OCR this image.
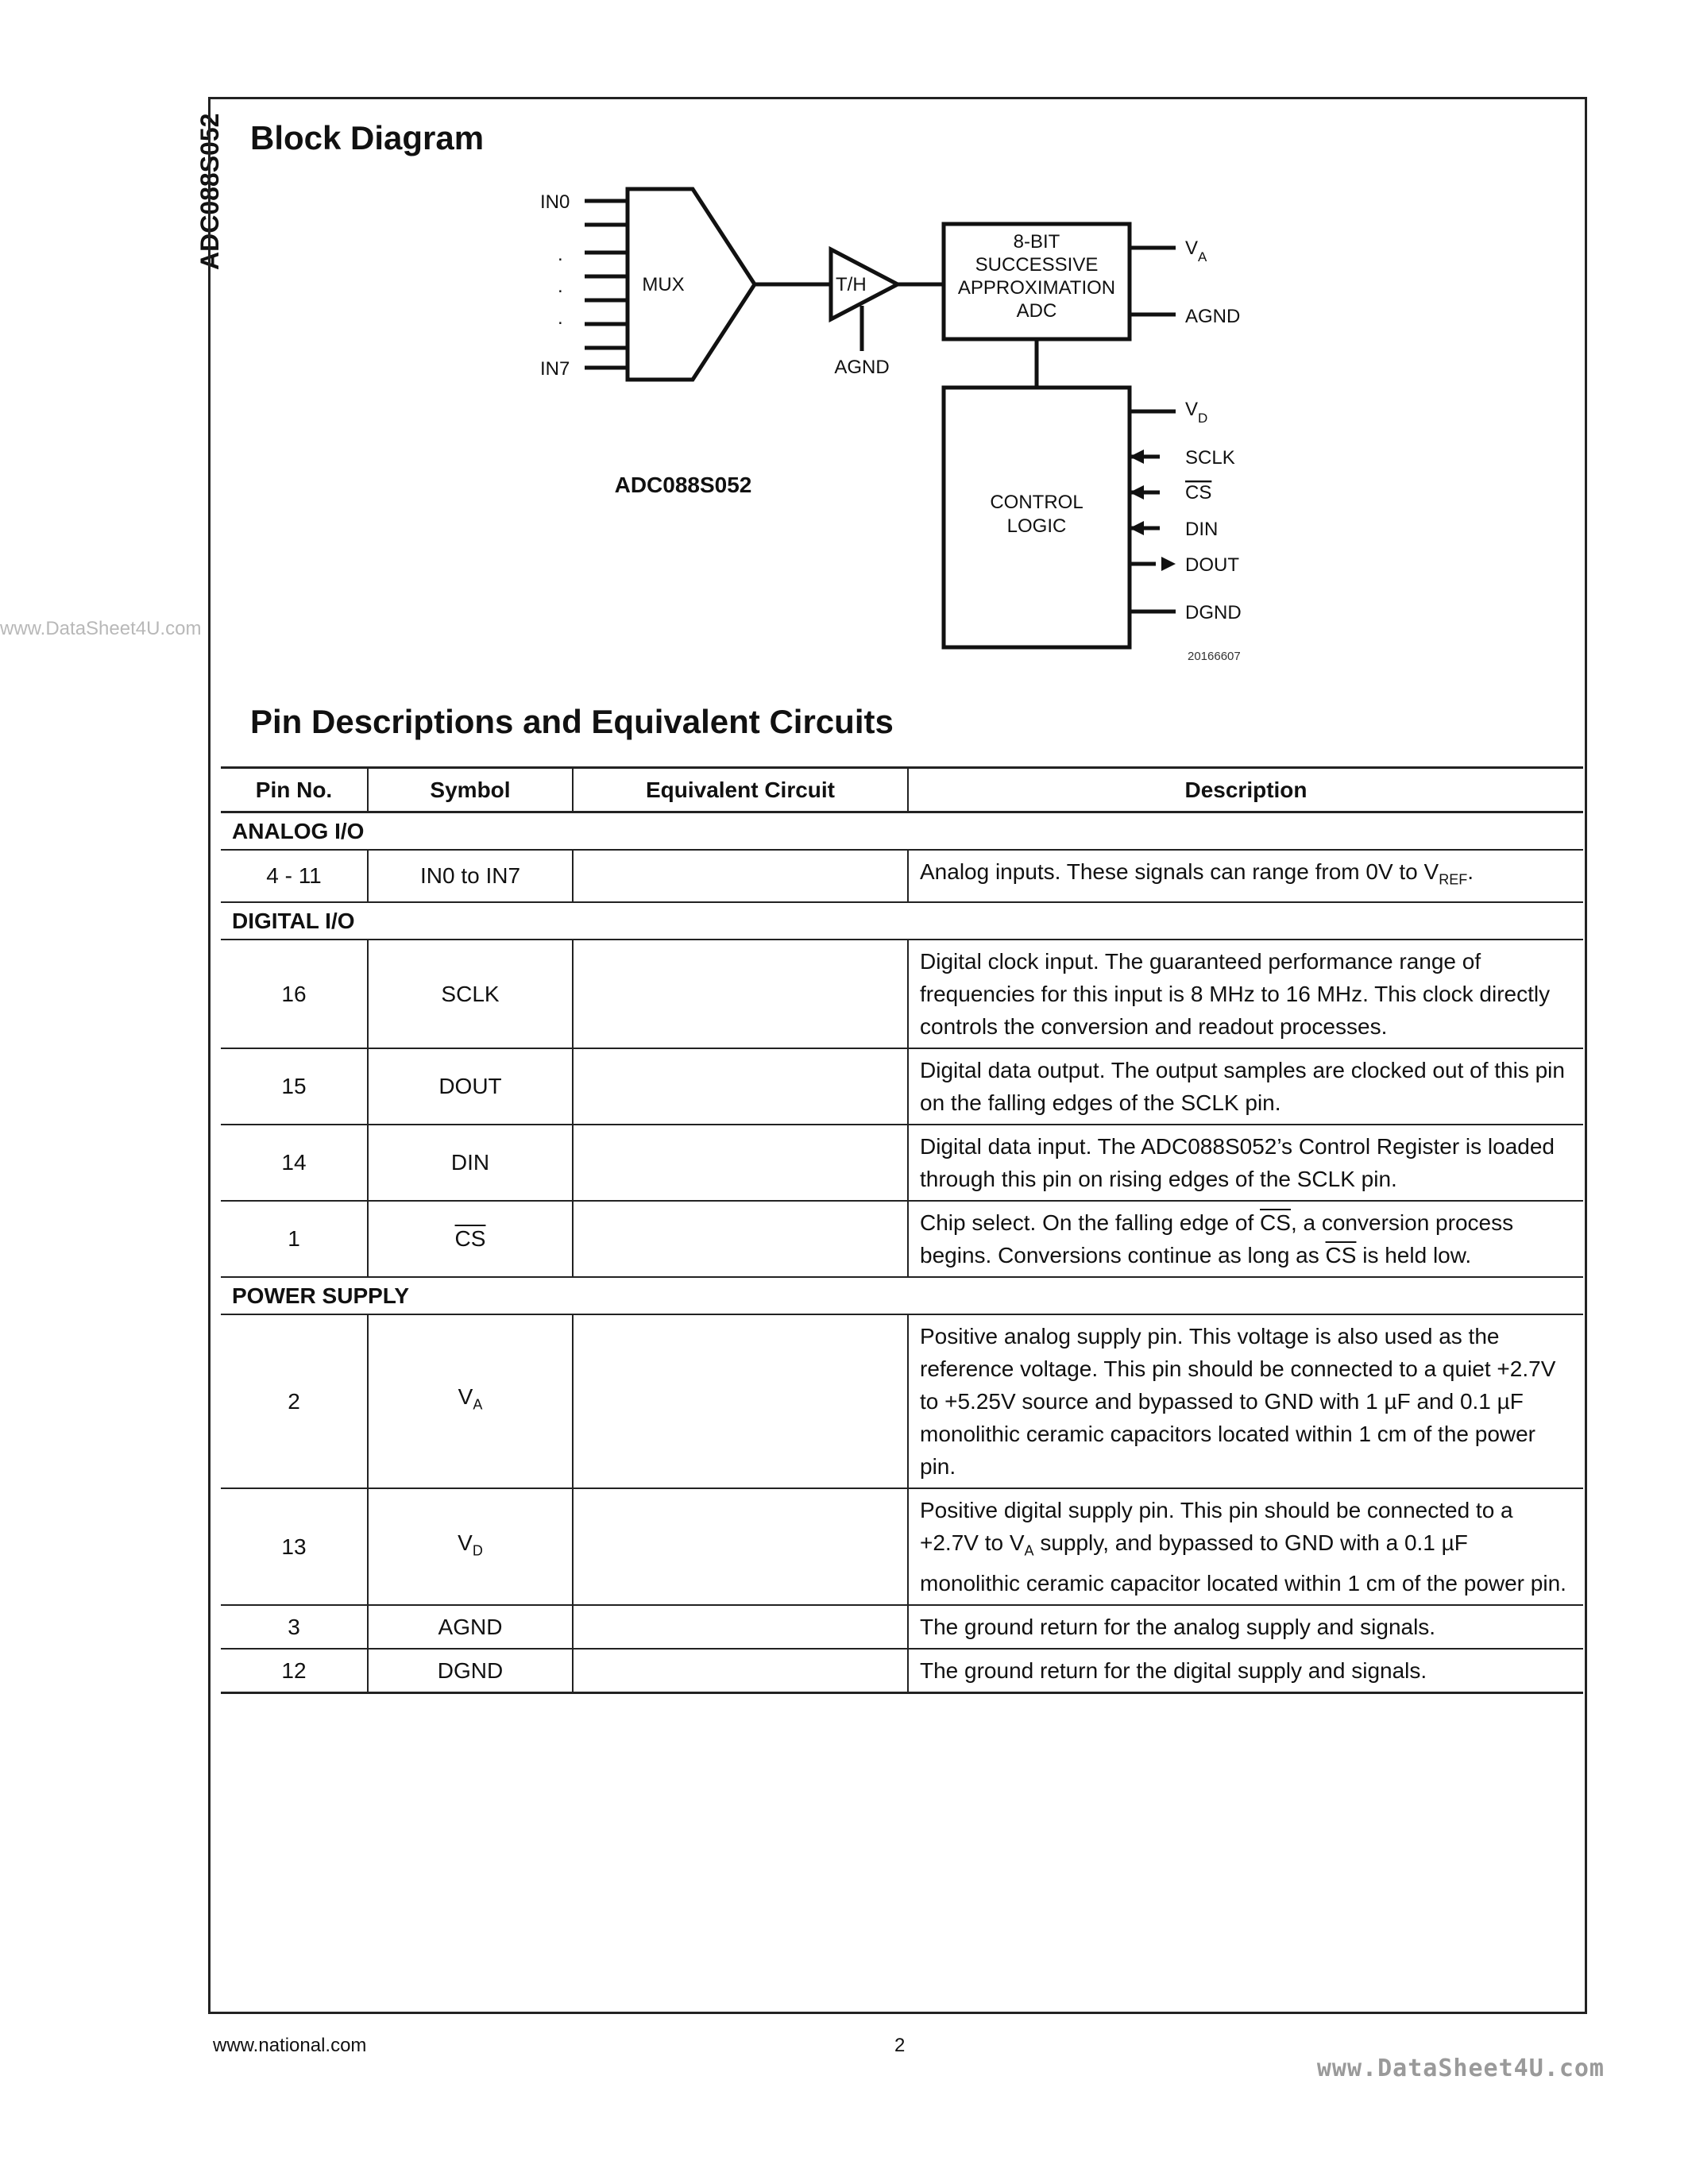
ADC088S052
www.DataSheet4U.com
Block Diagram
IN0
.
.
.
IN7
MUX	T/H
AGND
8-BIT
SUCCESSIVE
APPROXIMATION
ADC
$V_A$
AGND
CONTROL
LOGIC
$V_D$
SCLK
CS
DIN
DOUT
DGND
ADC088S052
20166607
Pin Descriptions and Equivalent Circuits
Pin No.	Symbol	Equivalent Circuit	Description
ANALOG I/O			
4 - 11	IN0 to IN7		Analog inputs. These signals can range from 0V to $V_{REF}$.
DIGITAL I/O			
16	SCLK		Digital clock input. The guaranteed performance range of frequencies for this input is 8 MHz to 16 MHz. This clock directly controls the conversion and readout processes.
15	DOUT		Digital data output. The output samples are clocked out of this pin on the falling edges of the SCLK pin.
14	DIN		Digital data input. The ADC088S052’s Control Register is loaded through this pin on rising edges of the SCLK pin.
1	$\overline{CS}$		Chip select. On the falling edge of $\overline{CS}$, a conversion process begins. Conversions continue as long as $\overline{CS}$ is held low.
POWER SUPPLY			
2	$V_A$		Positive analog supply pin. This voltage is also used as the reference voltage. This pin should be connected to a quiet +2.7V to +5.25V source and bypassed to GND with 1 µF and 0.1 µF monolithic ceramic capacitors located within 1 cm of the power pin.
13	$V_D$		Positive digital supply pin. This pin should be connected to a +2.7V to $V_A$ supply, and bypassed to GND with a 0.1 µF monolithic ceramic capacitor located within 1 cm of the power pin.
3	AGND		The ground return for the analog supply and signals.
12	DGND		The ground return for the digital supply and signals.
www.national.com	2
www.DataSheet4U.com
